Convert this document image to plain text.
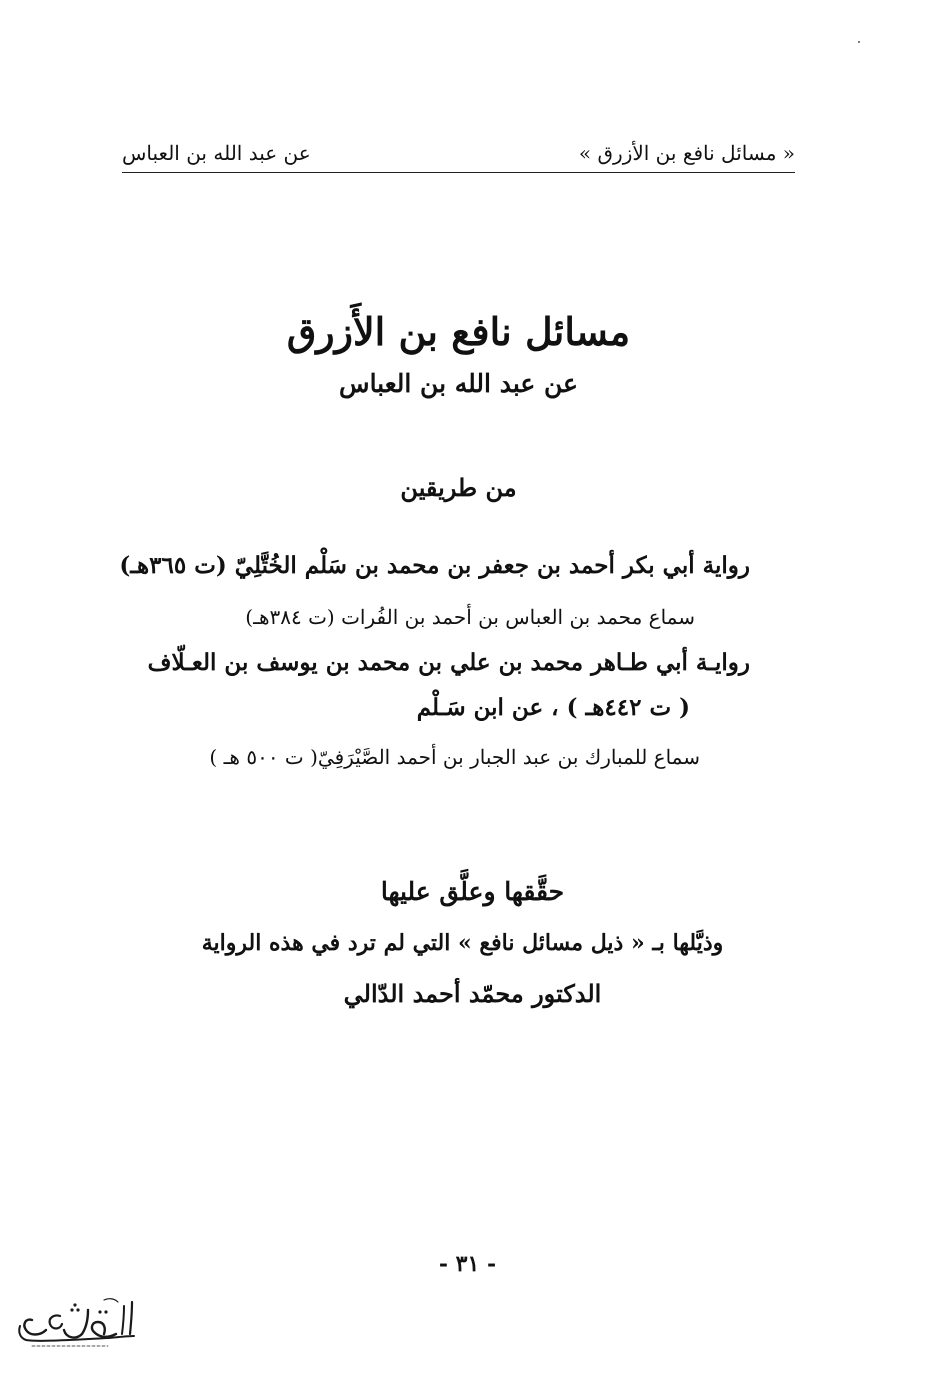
« مسائل نافع بن الأزرق »
عن عبد الله بن العباس
مسائل نافع بن الأَزرق
عن عبد الله بن العباس
من طريقين
رواية أبي بكر أحمد بن جعفر بن محمد بن سَلْم الخُتَّلِيّ (ت ٣٦٥هـ)
سماع محمد بن العباس بن أحمد بن الفُرات (ت ٣٨٤هـ)
روايـة أبي طـاهر محمد بن علي بن محمد بن يوسف بن العـلّاف
( ت ٤٤٢هـ ) ، عن ابن سَـلْم
سماع للمبارك بن عبد الجبار بن أحمد الصَّيْرَفِيّ( ت ٥٠٠ هـ )
حقَّقها وعلَّق عليها
وذيَّلها بـ « ذيل مسائل نافع » التي لم ترد في هذه الرواية
الدكتور محمّد أحمد الدّالي
- ٣١ -
